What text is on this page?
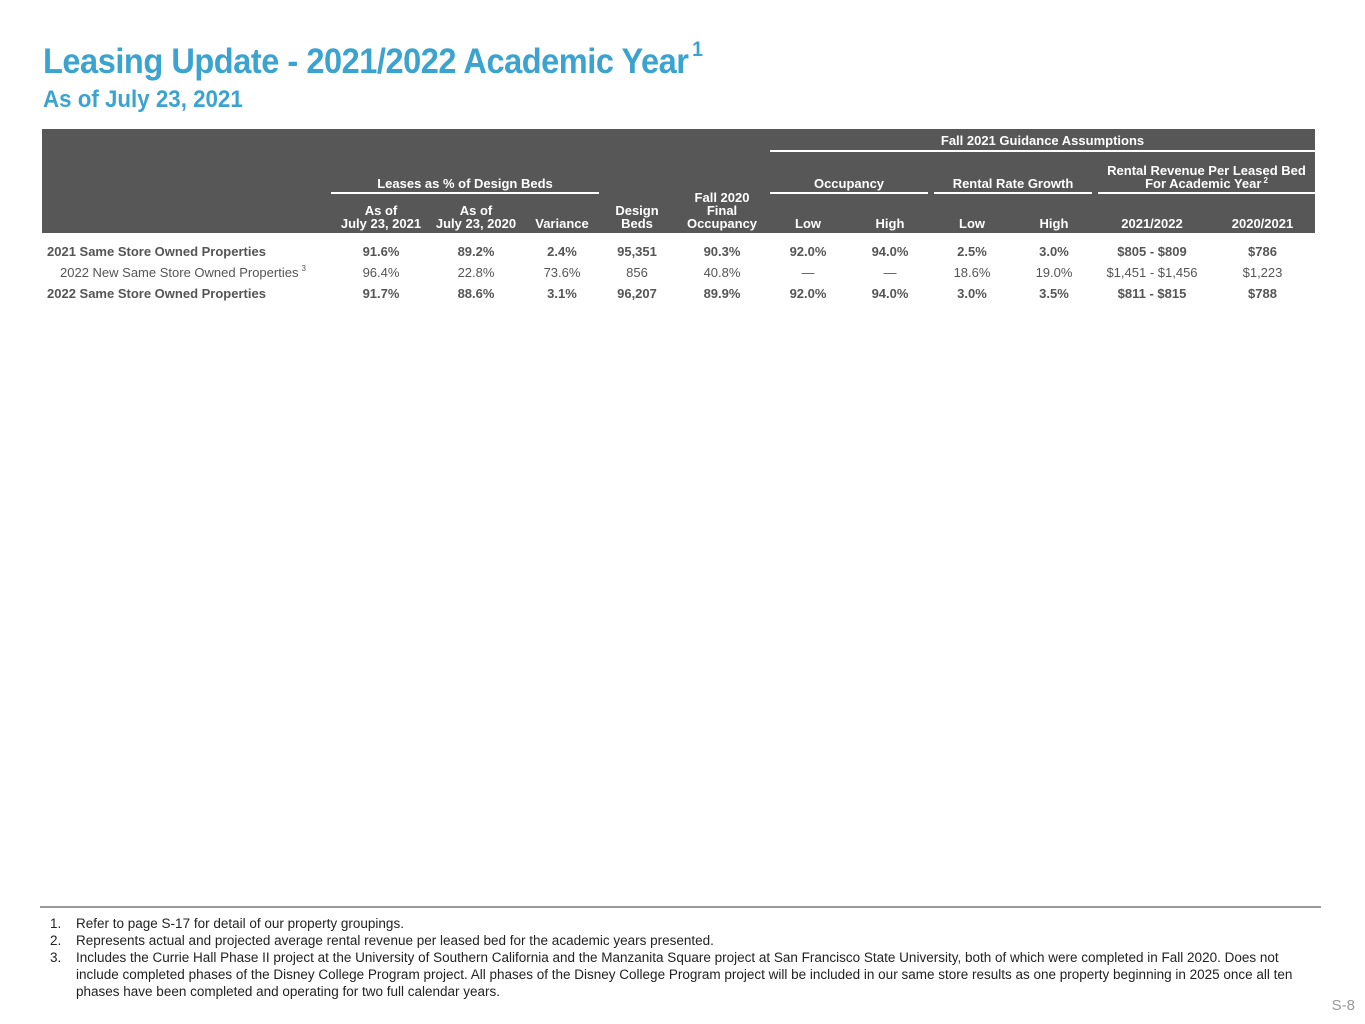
Leasing Update - 2021/2022 Academic Year $^1$
As of July 23, 2021
Fall 2021 Guidance Assumptions
Leases as % of Design Beds	Occupancy	Rental Rate Growth
Rental Revenue Per Leased Bed
For Academic Year $^2$
As of
July 23, 2021
As of
July 23, 2020	Variance
Design
Beds
Fall 2020
Final
Occupancy	Low	High	Low	High	2021/2022	2020/2021
2021 Same Store Owned Properties	91.6%	89.2%	2.4%	95,351	90.3%	92.0%	94.0%	2.5%	3.0%	$805 - $809	$786
2022 New Same Store Owned Properties $^3$	96.4%	22.8%	73.6%	856	40.8%	—	—	18.6%	19.0%	$1,451 - $1,456	$1,223
2022 Same Store Owned Properties	91.7%	88.6%	3.1%	96,207	89.9%	92.0%	94.0%	3.0%	3.5%	$811 - $815	$788
1.	Refer to page S-17 for detail of our property groupings.
2.	Represents actual and projected average rental revenue per leased bed for the academic years presented.
3.	Includes the Currie Hall Phase II project at the University of Southern California and the Manzanita Square project at San Francisco State University, both of which were completed in Fall 2020. Does not include completed phases of the Disney College Program project. All phases of the Disney College Program project will be included in our same store results as one property beginning in 2025 once all ten phases have been completed and operating for two full calendar years.
S-8
